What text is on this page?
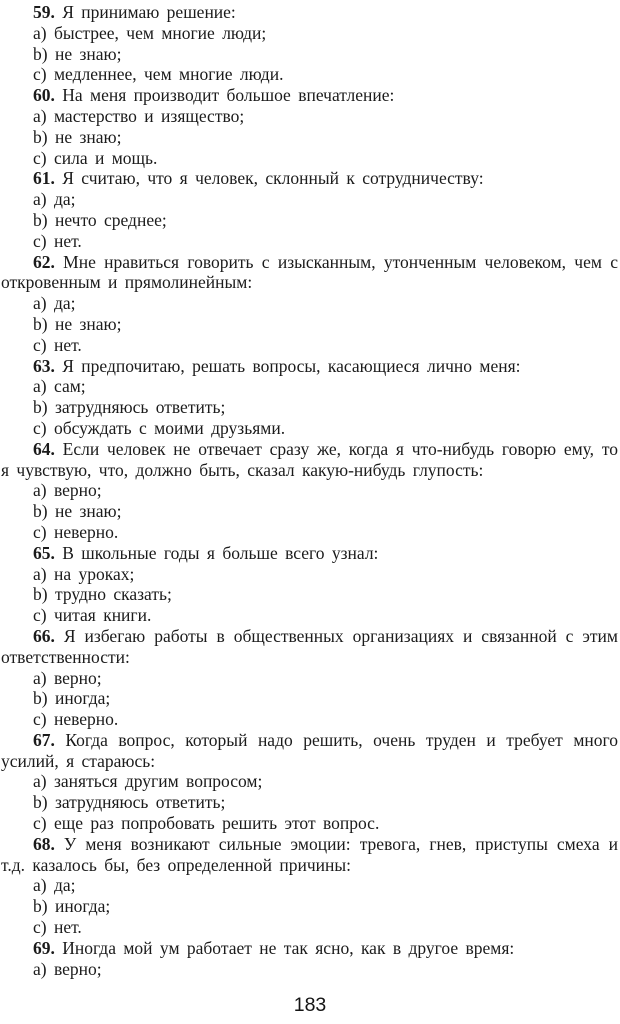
59. Я принимаю решение:

a) быстрее, чем многие люди;

b) не знаю;

c) медленнее, чем многие люди.

60. На меня производит большое впечатление:

a) мастерство и изящество;

b) не знаю;

c) сила и мощь.

61. Я считаю, что я человек, склонный к сотрудничеству:

a) да;

b) нечто среднее;

c) нет.

62. Мне нравиться говорить с изысканным, утонченным человеком, чем с откровенным и прямолинейным:

a) да;

b) не знаю;

c) нет.

63. Я предпочитаю, решать вопросы, касающиеся лично меня:

a) сам;

b) затрудняюсь ответить;

c) обсуждать с моими друзьями.

64. Если человек не отвечает сразу же, когда я что-нибудь говорю ему, то я чувствую, что, должно быть, сказал какую-нибудь глупость:

a) верно;

b) не знаю;

c) неверно.

65. В школьные годы я больше всего узнал:

a) на уроках;

b) трудно сказать;

c) читая книги.

66. Я избегаю работы в общественных организациях и связанной с этим ответственности:

a) верно;

b) иногда;

c) неверно.

67. Когда вопрос, который надо решить, очень труден и требует много усилий, я стараюсь:

a) заняться другим вопросом;

b) затрудняюсь ответить;

c) еще раз попробовать решить этот вопрос.

68. У меня возникают сильные эмоции: тревога, гнев, приступы смеха и т.д. казалось бы, без определенной причины:

a) да;

b) иногда;

c) нет.

69. Иногда мой ум работает не так ясно, как в другое время:

a) верно;

183
